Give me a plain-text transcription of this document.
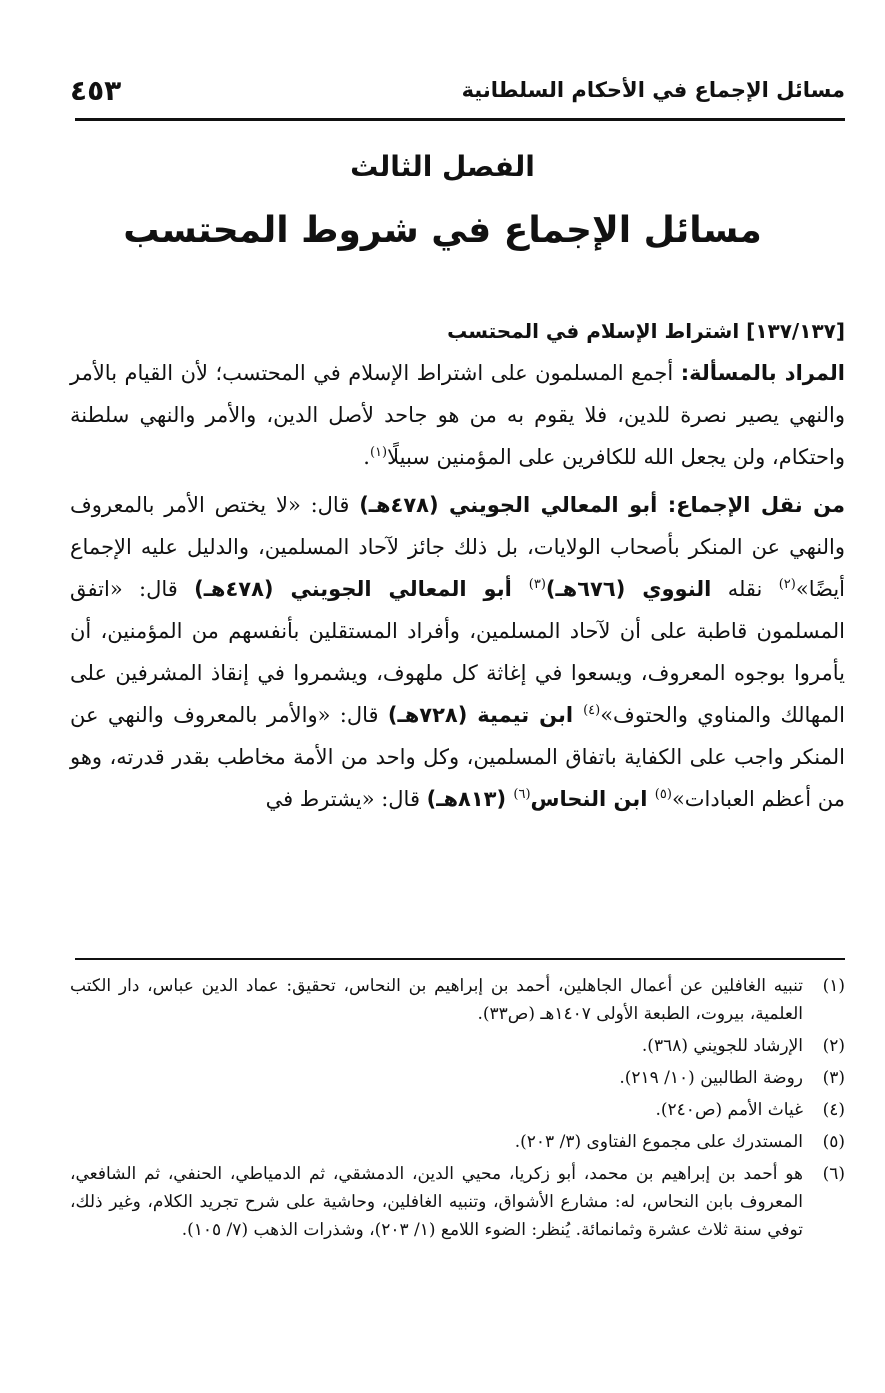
مسائل الإجماع في الأحكام السلطانية
٤٥٣
الفصل الثالث
مسائل الإجماع في شروط المحتسب

[١٣٧/١٣٧] اشتراط الإسلام في المحتسب

المراد بالمسألة: أجمع المسلمون على اشتراط الإسلام في المحتسب؛ لأن القيام بالأمر والنهي يصير نصرة للدين، فلا يقوم به من هو جاحد لأصل الدين، والأمر والنهي سلطنة واحتكام، ولن يجعل الله للكافرين على المؤمنين سبيلًا$^{(١)}$.

من نقل الإجماع: أبو المعالي الجويني (٤٧٨هـ) قال: «لا يختص الأمر بالمعروف والنهي عن المنكر بأصحاب الولايات، بل ذلك جائز لآحاد المسلمين، والدليل عليه الإجماع أيضًا»$^{(٢)}$ نقله النووي (٦٧٦هـ)$^{(٣)}$ أبو المعالي الجويني (٤٧٨هـ) قال: «اتفق المسلمون قاطبة على أن لآحاد المسلمين، وأفراد المستقلين بأنفسهم من المؤمنين، أن يأمروا بوجوه المعروف، ويسعوا في إغاثة كل ملهوف، ويشمروا في إنقاذ المشرفين على المهالك والمناوي والحتوف»$^{(٤)}$ ابن تيمية (٧٢٨هـ) قال: «والأمر بالمعروف والنهي عن المنكر واجب على الكفاية باتفاق المسلمين، وكل واحد من الأمة مخاطب بقدر قدرته، وهو من أعظم العبادات»$^{(٥)}$ ابن النحاس$^{(٦)}$ (٨١٣هـ) قال: «يشترط في

(١)
تنبيه الغافلين عن أعمال الجاهلين، أحمد بن إبراهيم بن النحاس، تحقيق: عماد الدين عباس، دار الكتب العلمية، بيروت، الطبعة الأولى ١٤٠٧هـ (ص٣٣).
(٢)
الإرشاد للجويني (٣٦٨).
(٣)
روضة الطالبين (١٠/ ٢١٩).
(٤)
غياث الأمم (ص٢٤٠).
(٥)
المستدرك على مجموع الفتاوى (٣/ ٢٠٣).
(٦)
هو أحمد بن إبراهيم بن محمد، أبو زكريا، محيي الدين، الدمشقي، ثم الدمياطي، الحنفي، ثم الشافعي، المعروف بابن النحاس، له: مشارع الأشواق، وتنبيه الغافلين، وحاشية على شرح تجريد الكلام، وغير ذلك، توفي سنة ثلاث عشرة وثمانمائة. يُنظر: الضوء اللامع (١/ ٢٠٣)، وشذرات الذهب (٧/ ١٠٥).
